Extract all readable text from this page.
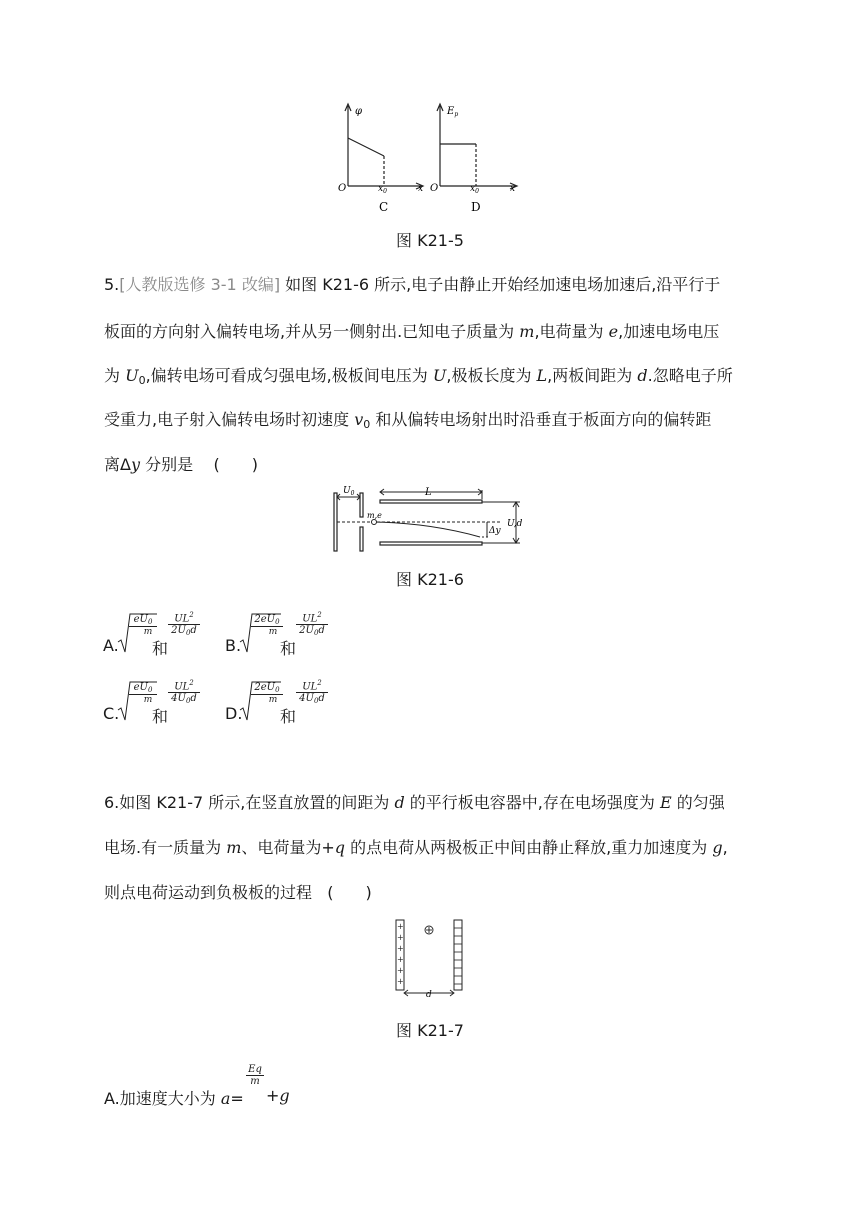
φ
O	$x_0$	x
C
$E_p$
O	$x_0$	x
D
图 K21-5
5.[人教版选修 3-1 改编] 如图 K21-6 所示,电子由静止开始经加速电场加速后,沿平行于
板面的方向射入偏转电场,并从另一侧射出.已知电子质量为 m,电荷量为 e,加速电场电压
为 $U_0$,偏转电场可看成匀强电场,极板间电压为 U,极板长度为 L,两板间距为 d.忽略电子所
受重力,电子射入偏转电场时初速度 $v_0$ 和从偏转电场射出时沿垂直于板面方向的偏转距
离Δy 分别是 (　　)
$U_0$	L
m,e
U,d
Δy
图 K21-6
A.
$\frac{eU_0}{m}$
和
$\frac{UL^2}{2U_0d}$
B.
$\frac{2eU_0}{m}$
和
$\frac{UL^2}{2U_0d}$
C.
$\frac{eU_0}{m}$
和
$\frac{UL^2}{4U_0d}$
D.
$\frac{2eU_0}{m}$
和
$\frac{UL^2}{4U_0d}$
6.如图 K21-7 所示,在竖直放置的间距为 d 的平行板电容器中,存在电场强度为 E 的匀强
电场.有一质量为 m、电荷量为+q 的点电荷从两极板正中间由静止释放,重力加速度为 g,
则点电荷运动到负极板的过程 (　　)
+
+
+
+
+
+
d
图 K21-7
A.加速度大小为 a=
$\frac{Eq}{m}$
+g
